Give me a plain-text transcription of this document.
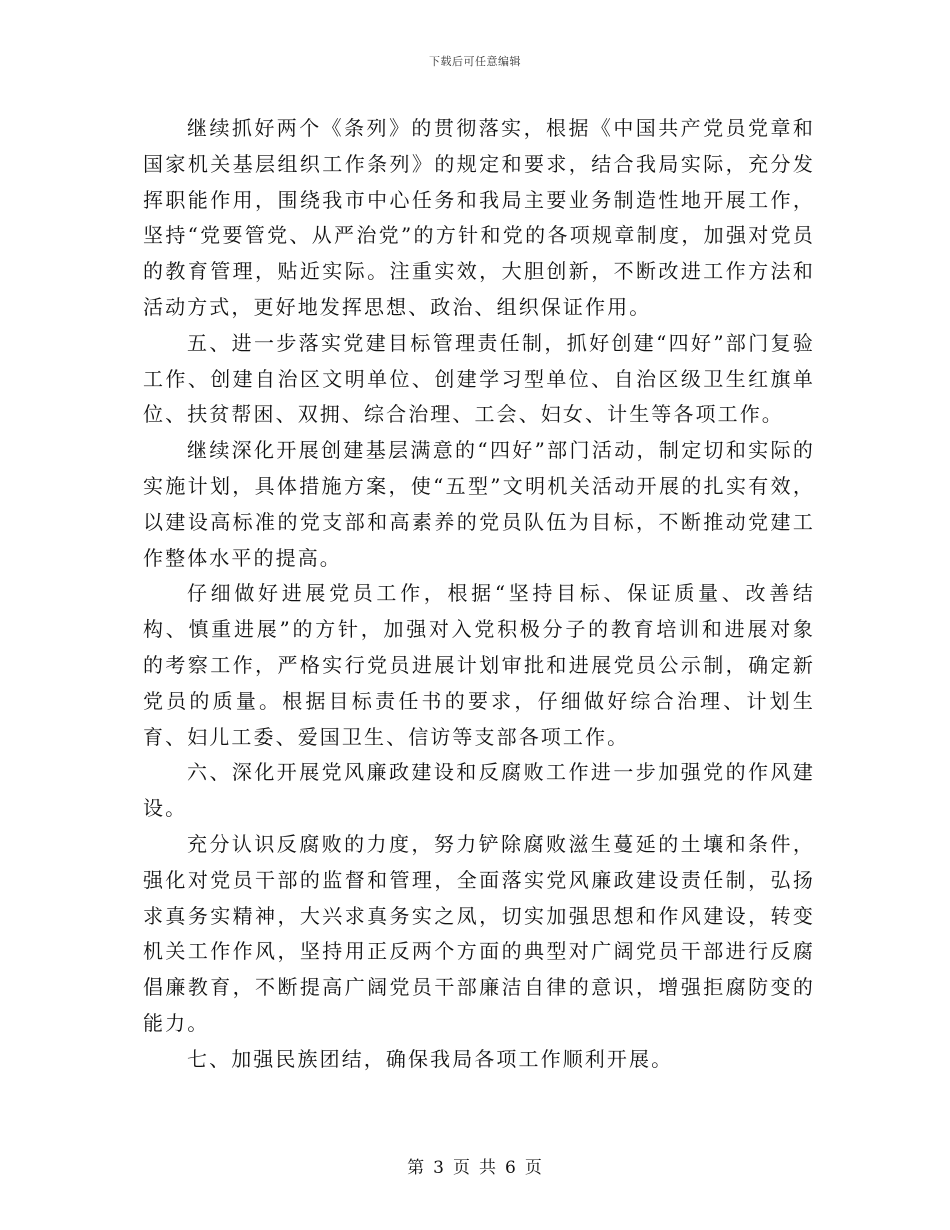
下载后可任意编辑

继续抓好两个《条列》的贯彻落实，根据《中国共产党员党章和国家机关基层组织工作条列》的规定和要求，结合我局实际，充分发挥职能作用，围绕我市中心任务和我局主要业务制造性地开展工作，坚持“党要管党、从严治党”的方针和党的各项规章制度，加强对党员的教育管理，贴近实际。注重实效，大胆创新，不断改进工作方法和活动方式，更好地发挥思想、政治、组织保证作用。

五、进一步落实党建目标管理责任制，抓好创建“四好”部门复验工作、创建自治区文明单位、创建学习型单位、自治区级卫生红旗单位、扶贫帮困、双拥、综合治理、工会、妇女、计生等各项工作。

继续深化开展创建基层满意的“四好”部门活动，制定切和实际的实施计划，具体措施方案，使“五型”文明机关活动开展的扎实有效，以建设高标准的党支部和高素养的党员队伍为目标，不断推动党建工作整体水平的提高。

仔细做好进展党员工作，根据“坚持目标、保证质量、改善结构、慎重进展”的方针，加强对入党积极分子的教育培训和进展对象的考察工作，严格实行党员进展计划审批和进展党员公示制，确定新党员的质量。根据目标责任书的要求，仔细做好综合治理、计划生育、妇儿工委、爱国卫生、信访等支部各项工作。

六、深化开展党风廉政建设和反腐败工作进一步加强党的作风建设。

充分认识反腐败的力度，努力铲除腐败滋生蔓延的土壤和条件，强化对党员干部的监督和管理，全面落实党风廉政建设责任制，弘扬求真务实精神，大兴求真务实之凤，切实加强思想和作风建设，转变机关工作作风，坚持用正反两个方面的典型对广阔党员干部进行反腐倡廉教育，不断提高广阔党员干部廉洁自律的意识，增强拒腐防变的能力。

七、加强民族团结，确保我局各项工作顺利开展。

第 3 页 共 6 页
